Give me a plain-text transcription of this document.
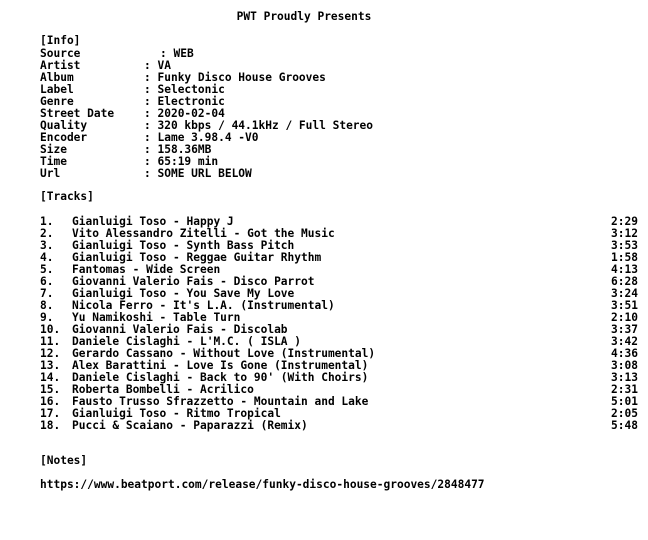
PWT Proudly Presents
[Info]
Source	: WEB
Artist	: VA
Album	: Funky Disco House Grooves
Label	: Selectonic
Genre	: Electronic
Street Date	: 2020-02-04
Quality	: 320 kbps / 44.1kHz / Full Stereo
Encoder	: Lame 3.98.4 -V0
Size	: 158.36MB
Time	: 65:19 min
Url	: SOME URL BELOW
[Tracks]
1. Gianluigi Toso - Happy J	2:29
2. Vito Alessandro Zitelli - Got the Music	3:12
3. Gianluigi Toso - Synth Bass Pitch	3:53
4. Gianluigi Toso - Reggae Guitar Rhythm	1:58
5. Fantomas - Wide Screen	4:13
6. Giovanni Valerio Fais - Disco Parrot	6:28
7. Gianluigi Toso - You Save My Love	3:24
8. Nicola Ferro - It's L.A. (Instrumental)	3:51
9. Yu Namikoshi - Table Turn	2:10
10. Giovanni Valerio Fais - Discolab	3:37
11. Daniele Cislaghi - L'M.C. ( ISLA )	3:42
12. Gerardo Cassano - Without Love (Instrumental)	4:36
13. Alex Barattini - Love Is Gone (Instrumental)	3:08
14. Daniele Cislaghi - Back to 90' (With Choirs)	3:13
15. Roberta Bombelli - Acrilico	2:31
16. Fausto Trusso Sfrazzetto - Mountain and Lake	5:01
17. Gianluigi Toso - Ritmo Tropical	2:05
18. Pucci & Scaiano - Paparazzi (Remix)	5:48
[Notes]
https://www.beatport.com/release/funky-disco-house-grooves/2848477
